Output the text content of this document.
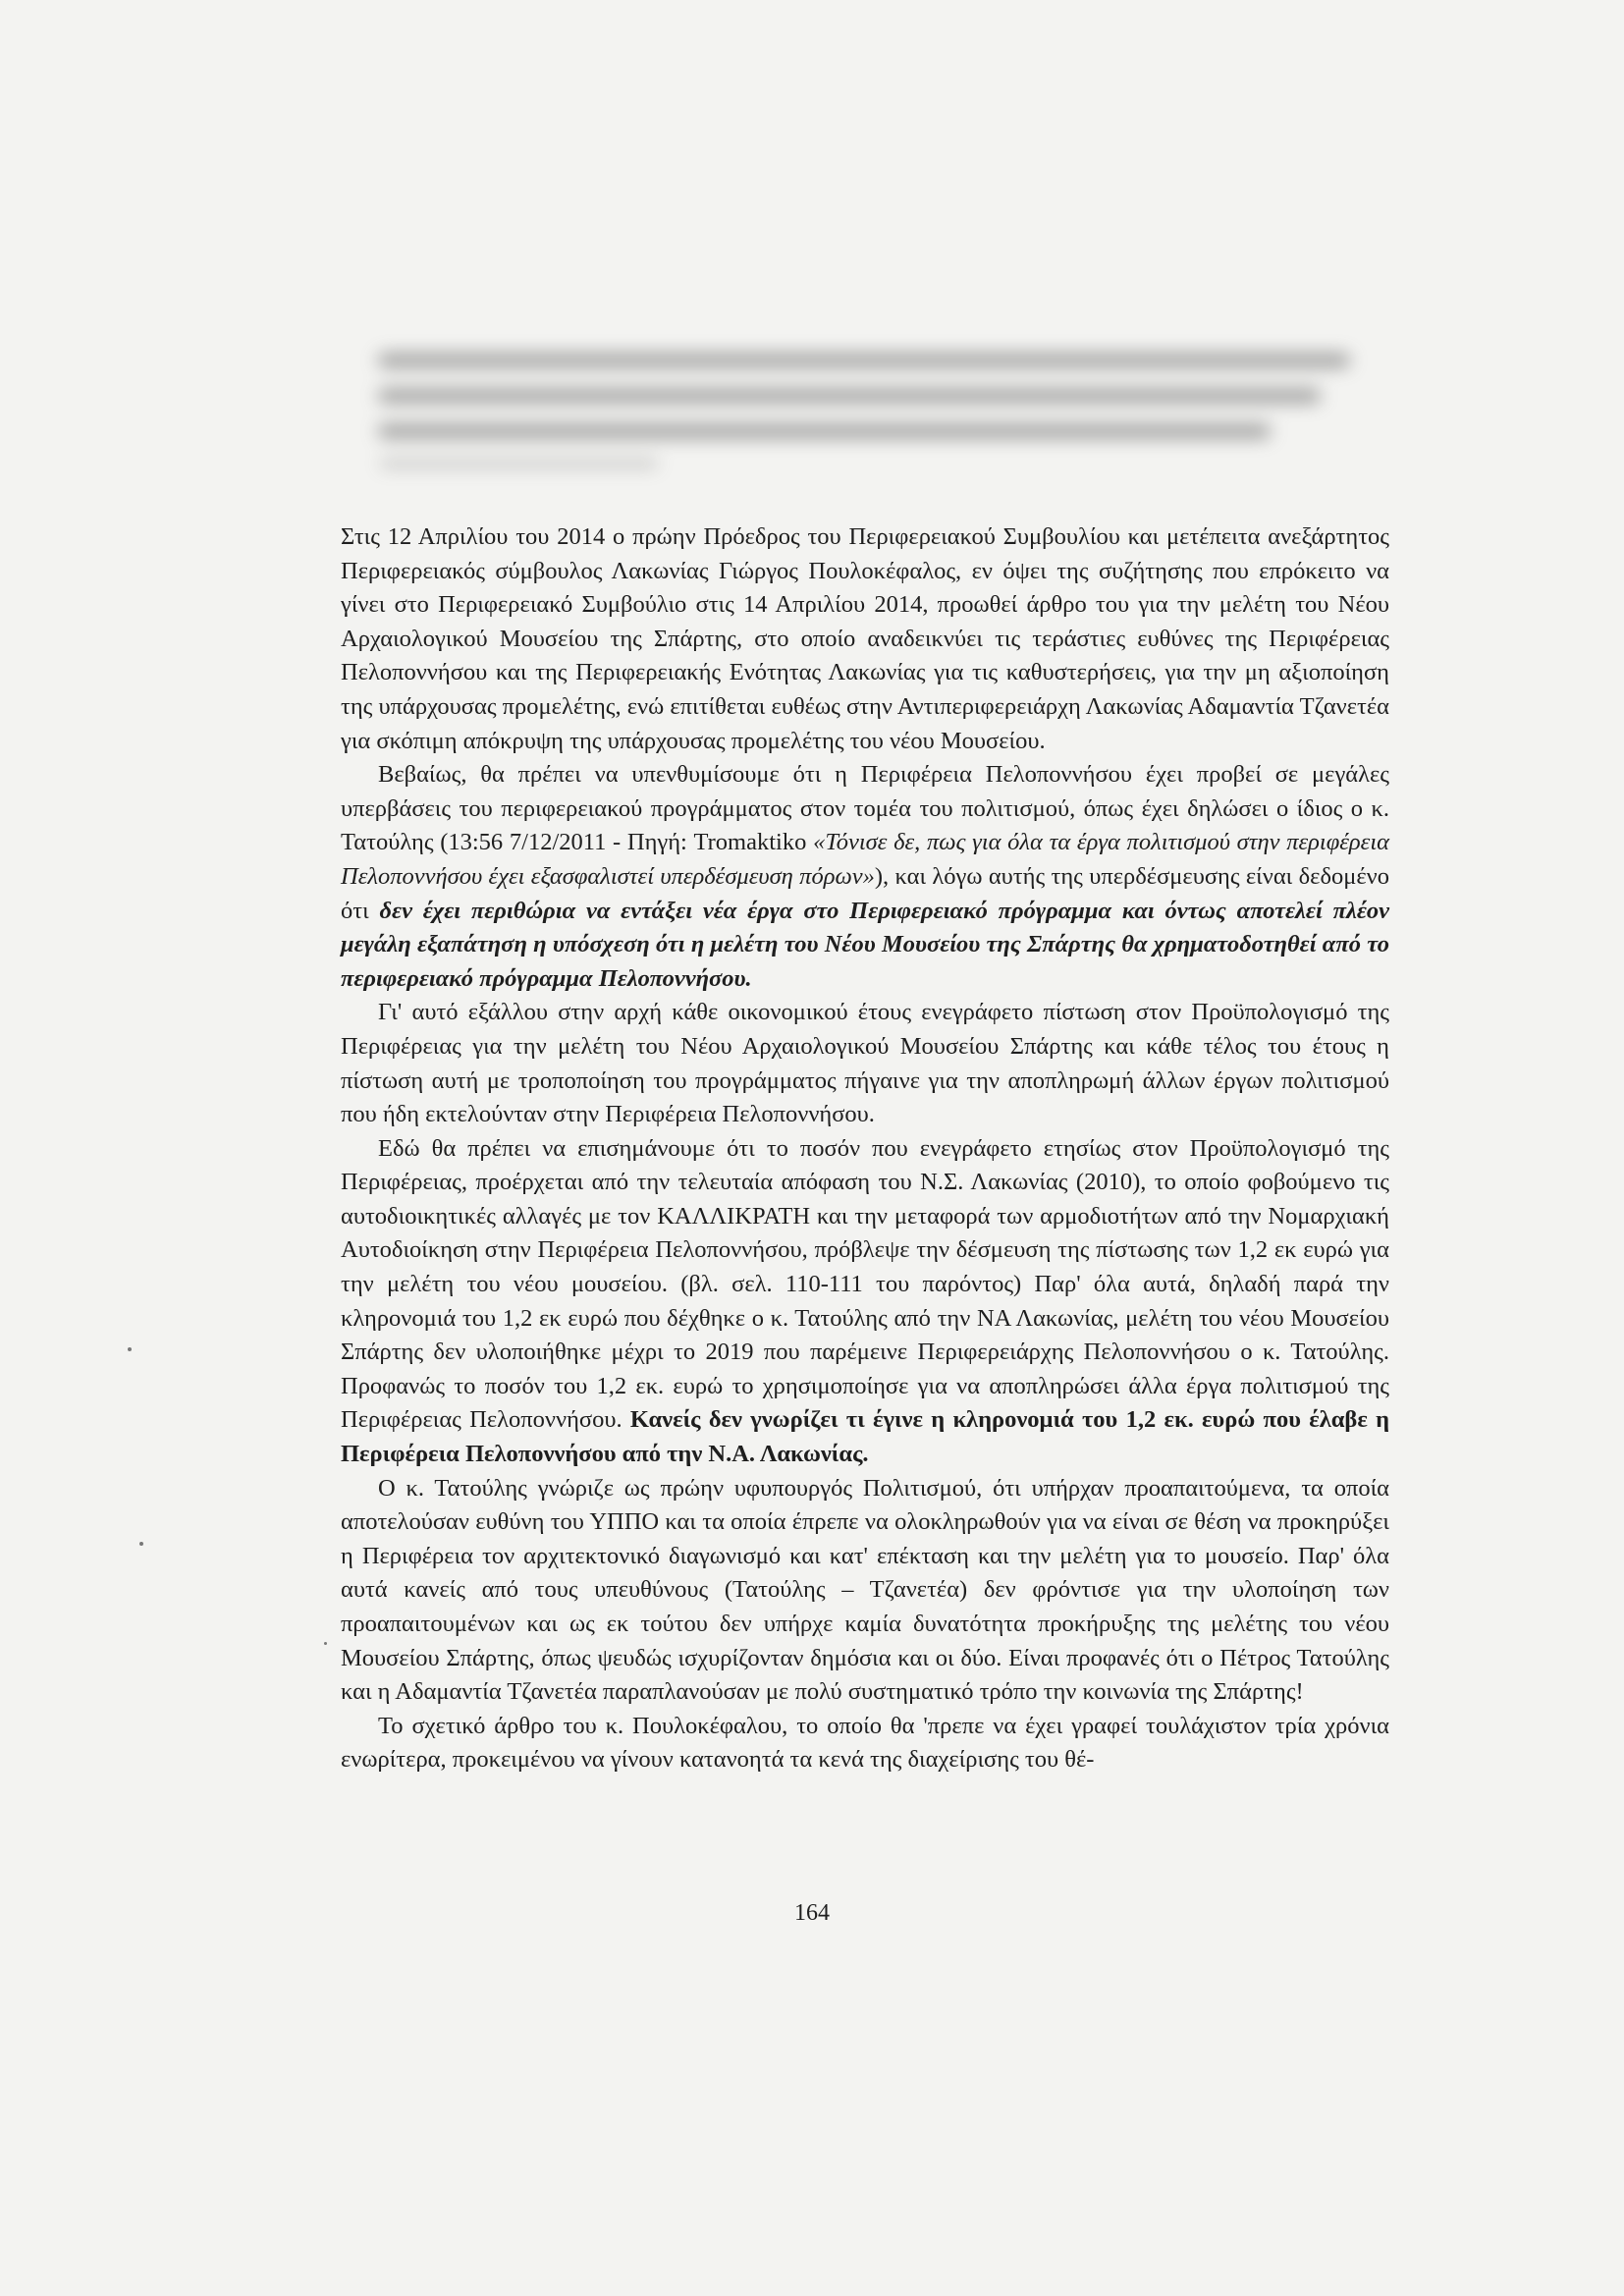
Στις 12 Απριλίου του 2014 ο πρώην Πρόεδρος του Περιφερειακού Συμβουλίου και μετέπειτα ανεξάρτητος Περιφερειακός σύμβουλος Λακωνίας Γιώργος Πουλοκέφαλος, εν όψει της συζήτησης που επρόκειτο να γίνει στο Περιφερειακό Συμβούλιο στις 14 Απριλίου 2014, προωθεί άρθρο του για την μελέτη του Νέου Αρχαιολογικού Μουσείου της Σπάρτης, στο οποίο αναδεικνύει τις τεράστιες ευθύνες της Περιφέρειας Πελοποννήσου και της Περιφερειακής Ενότητας Λακωνίας για τις καθυστερήσεις, για την μη αξιοποίηση της υπάρχουσας προμελέτης, ενώ επιτίθεται ευθέως στην Αντιπεριφερειάρχη Λακωνίας Αδαμαντία Τζανετέα για σκόπιμη απόκρυψη της υπάρχουσας προμελέτης του νέου Μουσείου.

Βεβαίως, θα πρέπει να υπενθυμίσουμε ότι η Περιφέρεια Πελοποννήσου έχει προβεί σε μεγάλες υπερβάσεις του περιφερειακού προγράμματος στον τομέα του πολιτισμού, όπως έχει δηλώσει ο ίδιος ο κ. Τατούλης (13:56 7/12/2011 - Πηγή: Tromaktiko «Τόνισε δε, πως για όλα τα έργα πολιτισμού στην περιφέρεια Πελοποννήσου έχει εξασφαλιστεί υπερδέσμευση πόρων»), και λόγω αυτής της υπερδέσμευσης είναι δεδομένο ότι δεν έχει περιθώρια να εντάξει νέα έργα στο Περιφερειακό πρόγραμμα και όντως αποτελεί πλέον μεγάλη εξαπάτηση η υπόσχεση ότι η μελέτη του Νέου Μουσείου της Σπάρτης θα χρηματοδοτηθεί από το περιφερειακό πρόγραμμα Πελοποννήσου.

Γι' αυτό εξάλλου στην αρχή κάθε οικονομικού έτους ενεγράφετο πίστωση στον Προϋπολογισμό της Περιφέρειας για την μελέτη του Νέου Αρχαιολογικού Μουσείου Σπάρτης και κάθε τέλος του έτους η πίστωση αυτή με τροποποίηση του προγράμματος πήγαινε για την αποπληρωμή άλλων έργων πολιτισμού που ήδη εκτελούνταν στην Περιφέρεια Πελοποννήσου.

Εδώ θα πρέπει να επισημάνουμε ότι το ποσόν που ενεγράφετο ετησίως στον Προϋπολογισμό της Περιφέρειας, προέρχεται από την τελευταία απόφαση του Ν.Σ. Λακωνίας (2010), το οποίο φοβούμενο τις αυτοδιοικητικές αλλαγές με τον ΚΑΛΛΙΚΡΑΤΗ και την μεταφορά των αρμοδιοτήτων από την Νομαρχιακή Αυτοδιοίκηση στην Περιφέρεια Πελοποννήσου, πρόβλεψε την δέσμευση της πίστωσης των 1,2 εκ ευρώ για την μελέτη του νέου μουσείου. (βλ. σελ. 110-111 του παρόντος) Παρ' όλα αυτά, δηλαδή παρά την κληρονομιά του 1,2 εκ ευρώ που δέχθηκε ο κ. Τατούλης από την ΝΑ Λακωνίας, μελέτη του νέου Μουσείου Σπάρτης δεν υλοποιήθηκε μέχρι το 2019 που παρέμεινε Περιφερειάρχης Πελοποννήσου ο κ. Τατούλης. Προφανώς το ποσόν του 1,2 εκ. ευρώ το χρησιμοποίησε για να αποπληρώσει άλλα έργα πολιτισμού της Περιφέρειας Πελοποννήσου. Κανείς δεν γνωρίζει τι έγινε η κληρονομιά του 1,2 εκ. ευρώ που έλαβε η Περιφέρεια Πελοποννήσου από την Ν.Α. Λακωνίας.

Ο κ. Τατούλης γνώριζε ως πρώην υφυπουργός Πολιτισμού, ότι υπήρχαν προαπαιτούμενα, τα οποία αποτελούσαν ευθύνη του ΥΠΠΟ και τα οποία έπρεπε να ολοκληρωθούν για να είναι σε θέση να προκηρύξει η Περιφέρεια τον αρχιτεκτονικό διαγωνισμό και κατ' επέκταση και την μελέτη για το μουσείο. Παρ' όλα αυτά κανείς από τους υπευθύνους (Τατούλης – Τζανετέα) δεν φρόντισε για την υλοποίηση των προαπαιτουμένων και ως εκ τούτου δεν υπήρχε καμία δυνατότητα προκήρυξης της μελέτης του νέου Μουσείου Σπάρτης, όπως ψευδώς ισχυρίζονταν δημόσια και οι δύο. Είναι προφανές ότι ο Πέτρος Τατούλης και η Αδαμαντία Τζανετέα παραπλανούσαν με πολύ συστηματικό τρόπο την κοινωνία της Σπάρτης!

Το σχετικό άρθρο του κ. Πουλοκέφαλου, το οποίο θα 'πρεπε να έχει γραφεί τουλάχιστον τρία χρόνια ενωρίτερα, προκειμένου να γίνουν κατανοητά τα κενά της διαχείρισης του θέ-

164
